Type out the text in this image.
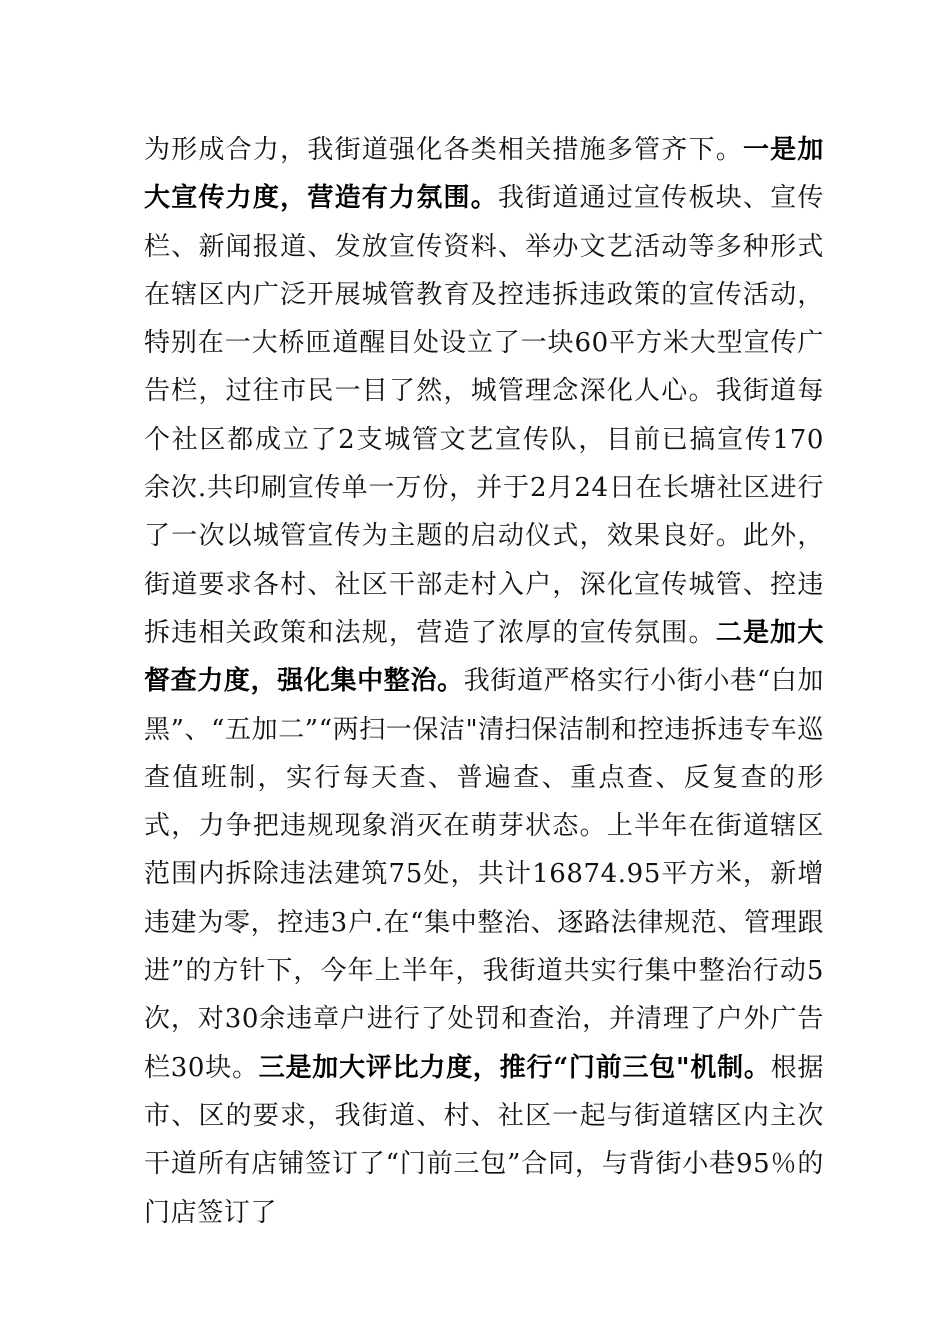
为形成合力，我街道强化各类相关措施多管齐下。一是加大宣传力度，营造有力氛围。我街道通过宣传板块、宣传栏、新闻报道、发放宣传资料、举办文艺活动等多种形式在辖区内广泛开展城管教育及控违拆违政策的宣传活动，特别在一大桥匝道醒目处设立了一块60平方米大型宣传广告栏，过往市民一目了然，城管理念深化人心。我街道每个社区都成立了2支城管文艺宣传队，目前已搞宣传170余次.共印刷宣传单一万份，并于2月24日在长塘社区进行了一次以城管宣传为主题的启动仪式，效果良好。此外，街道要求各村、社区干部走村入户，深化宣传城管、控违拆违相关政策和法规，营造了浓厚的宣传氛围。二是加大督查力度，强化集中整治。我街道严格实行小街小巷“白加黑”、“五加二”“两扫一保洁"清扫保洁制和控违拆违专车巡查值班制，实行每天查、普遍查、重点查、反复查的形式，力争把违规现象消灭在萌芽状态。上半年在街道辖区范围内拆除违法建筑75处，共计16874.95平方米，新增违建为零，控违3户.在“集中整治、逐路法律规范、管理跟进”的方针下，今年上半年，我街道共实行集中整治行动5次，对30余违章户进行了处罚和查治，并清理了户外广告栏30块。三是加大评比力度，推行“门前三包"机制。根据市、区的要求，我街道、村、社区一起与街道辖区内主次干道所有店铺签订了“门前三包”合同，与背街小巷95％的门店签订了
